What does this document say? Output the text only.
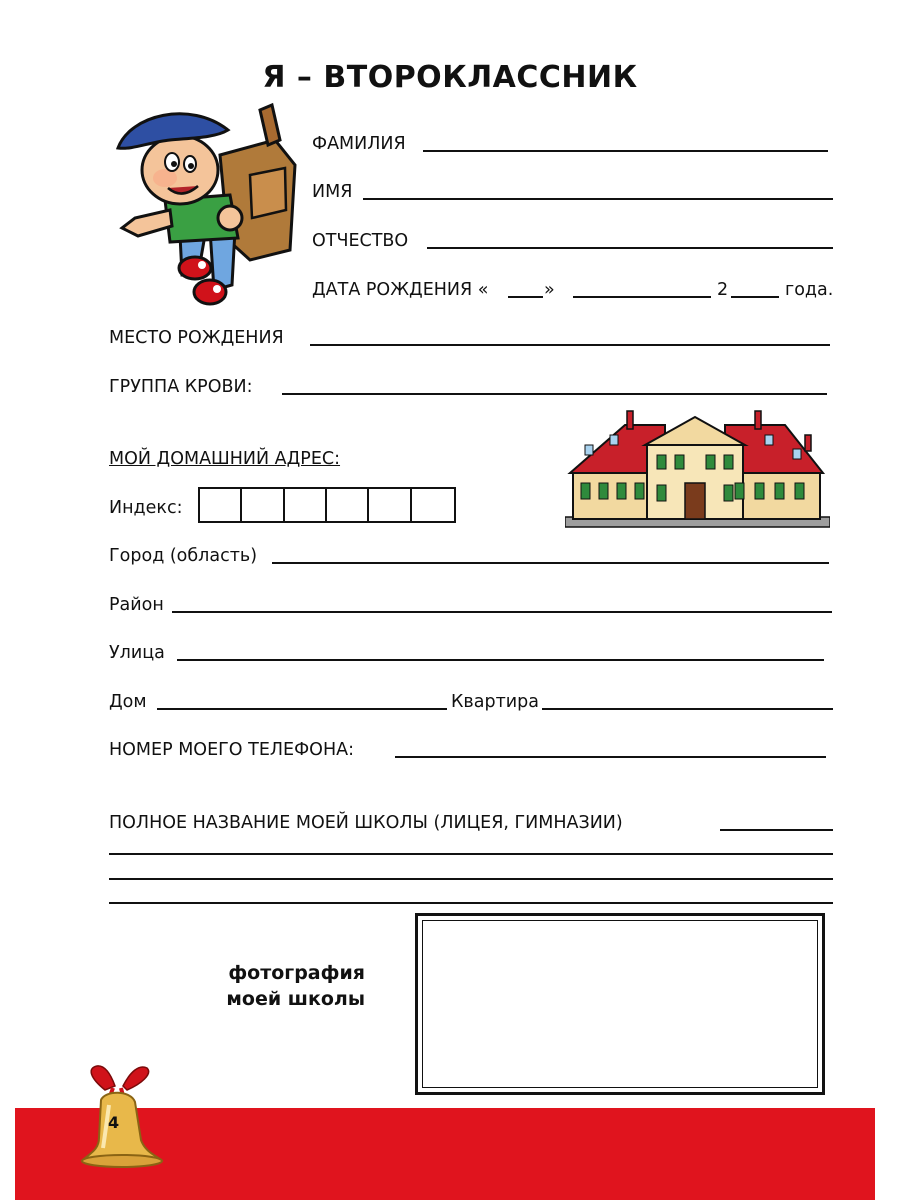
Я – ВТОРОКЛАССНИК
ФАМИЛИЯ
ИМЯ
ОТЧЕСТВО
ДАТА РОЖДЕНИЯ «	»	2	года.
МЕСТО РОЖДЕНИЯ
ГРУППА КРОВИ:
МОЙ ДОМАШНИЙ АДРЕС:
Индекс:
Город (область)
Район
Улица
Дом	Квартира
НОМЕР МОЕГО ТЕЛЕФОНА:
ПОЛНОЕ НАЗВАНИЕ МОЕЙ ШКОЛЫ (ЛИЦЕЯ, ГИМНАЗИИ)
фотография
моей школы
4
